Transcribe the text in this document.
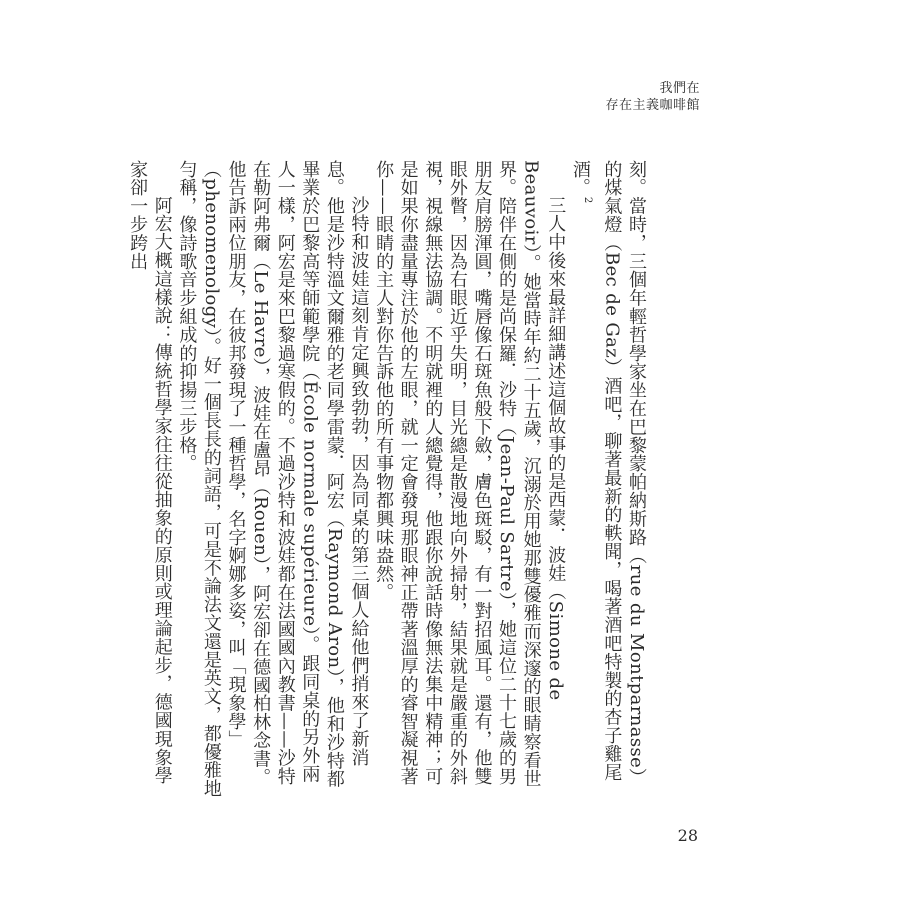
我們在
存在主義咖啡館

刻。當時，三個年輕哲學家坐在巴黎蒙帕納斯路（rue du Montparnasse）的煤氣燈（Bec de Gaz）酒吧，聊著最新的軼聞，喝著酒吧特製的杏子雞尾酒。$^2$

三人中後來最詳細講述這個故事的是西蒙．波娃（Simone de Beauvoir）。她當時年約二十五歲，沉溺於用她那雙優雅而深邃的眼睛察看世界。陪伴在側的是尚保羅．沙特（Jean-Paul Sartre），她這位二十七歲的男朋友肩膀渾圓，嘴唇像石斑魚般下斂，膚色斑駁，有一對招風耳。還有，他雙眼外瞥，因為右眼近乎失明，目光總是散漫地向外掃射，結果就是嚴重的外斜視，視線無法協調。不明就裡的人總覺得，他跟你說話時像無法集中精神；可是如果你盡量專注於他的左眼，就一定會發現那眼神正帶著溫厚的睿智凝視著你——眼睛的主人對你告訴他的所有事物都興味盎然。

沙特和波娃這刻肯定興致勃勃，因為同桌的第三個人給他們捎來了新消息。他是沙特溫文爾雅的老同學雷蒙．阿宏（Raymond Aron），他和沙特都畢業於巴黎高等師範學院（École normale supérieure）。跟同桌的另外兩人一樣，阿宏是來巴黎過寒假的。不過沙特和波娃都在法國國內教書——沙特在勒阿弗爾（Le Havre），波娃在盧昂（Rouen），阿宏卻在德國柏林念書。他告訴兩位朋友，在彼邦發現了一種哲學，名字婀娜多姿，叫「現象學」（phenomenology）。好一個長長的詞語，可是不論法文還是英文，都優雅地勻稱，像詩歌音步組成的抑揚三步格。

阿宏大概這樣說：傳統哲學家往往從抽象的原則或理論起步，德國現象學家卻一步跨出

28
